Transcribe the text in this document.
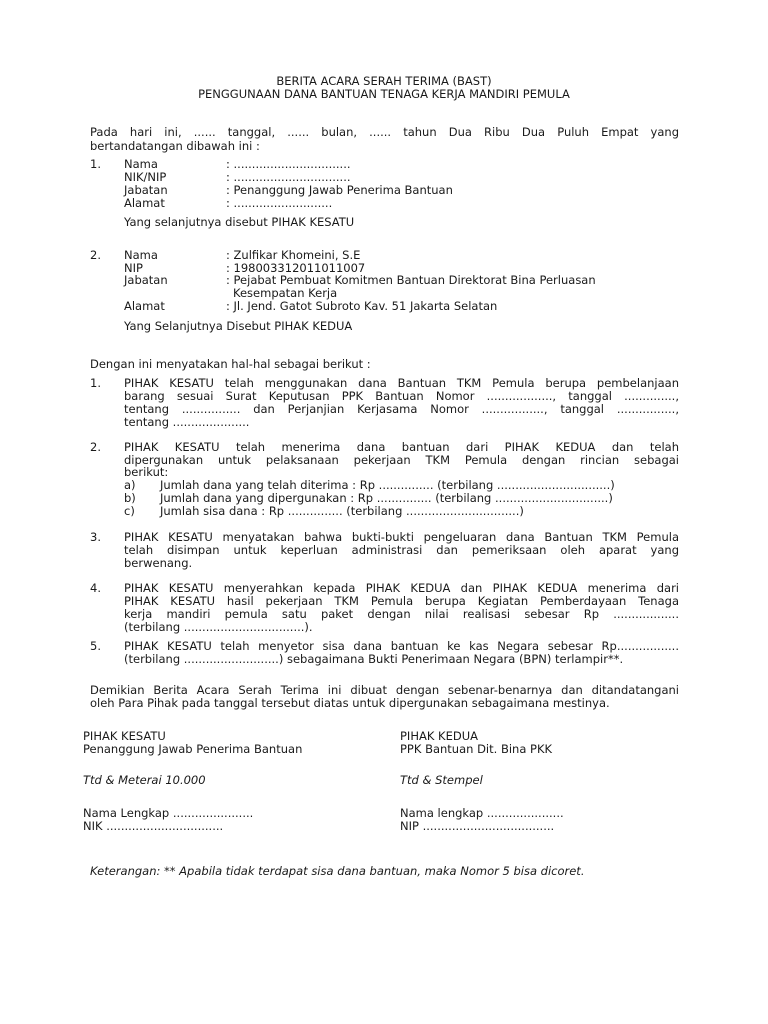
BERITA ACARA SERAH TERIMA (BAST)
PENGGUNAAN DANA BANTUAN TENAGA KERJA MANDIRI PEMULA
Pada hari ini, ...... tanggal, ...... bulan, ...... tahun Dua Ribu Dua Puluh Empat yang
bertandatangan dibawah ini :
1. Nama	: ................................
NIK/NIP	: ................................
Jabatan	: Penanggung Jawab Penerima Bantuan
Alamat	: ...........................
Yang selanjutnya disebut PIHAK KESATU
2. Nama	: Zulfikar Khomeini, S.E
NIP	: 198003312011011007
Jabatan	: Pejabat Pembuat Komitmen Bantuan Direktorat Bina Perluasan
Kesempatan Kerja
Alamat	: Jl. Jend. Gatot Subroto Kav. 51 Jakarta Selatan
Yang Selanjutnya Disebut PIHAK KEDUA
Dengan ini menyatakan hal-hal sebagai berikut :
1. PIHAK KESATU telah menggunakan dana Bantuan TKM Pemula berupa pembelanjaan
barang sesuai Surat Keputusan PPK Bantuan Nomor .................., tanggal ..............,
tentang ................ dan Perjanjian Kerjasama Nomor ................., tanggal ................,
tentang .....................
2. PIHAK KESATU telah menerima dana bantuan dari PIHAK KEDUA dan telah
dipergunakan untuk pelaksanaan pekerjaan TKM Pemula dengan rincian sebagai
berikut:
a) Jumlah dana yang telah diterima : Rp ............... (terbilang ...............................)
b) Jumlah dana yang dipergunakan : Rp ............... (terbilang ...............................)
c) Jumlah sisa dana : Rp ............... (terbilang ...............................)
3. PIHAK KESATU menyatakan bahwa bukti-bukti pengeluaran dana Bantuan TKM Pemula
telah disimpan untuk keperluan administrasi dan pemeriksaan oleh aparat yang
berwenang.
4. PIHAK KESATU menyerahkan kepada PIHAK KEDUA dan PIHAK KEDUA menerima dari
PIHAK KESATU hasil pekerjaan TKM Pemula berupa Kegiatan Pemberdayaan Tenaga
kerja mandiri pemula satu paket dengan nilai realisasi sebesar Rp ..................
(terbilang .................................).
5. PIHAK KESATU telah menyetor sisa dana bantuan ke kas Negara sebesar Rp.................
(terbilang ..........................) sebagaimana Bukti Penerimaan Negara (BPN) terlampir**.
Demikian Berita Acara Serah Terima ini dibuat dengan sebenar-benarnya dan ditandatangani
oleh Para Pihak pada tanggal tersebut diatas untuk dipergunakan sebagaimana mestinya.
PIHAK KESATU
Penanggung Jawab Penerima Bantuan
Ttd & Meterai 10.000
Nama Lengkap ......................
NIK ................................
PIHAK KEDUA
PPK Bantuan Dit. Bina PKK
Ttd & Stempel
Nama lengkap .....................
NIP ....................................
Keterangan: ** Apabila tidak terdapat sisa dana bantuan, maka Nomor 5 bisa dicoret.
